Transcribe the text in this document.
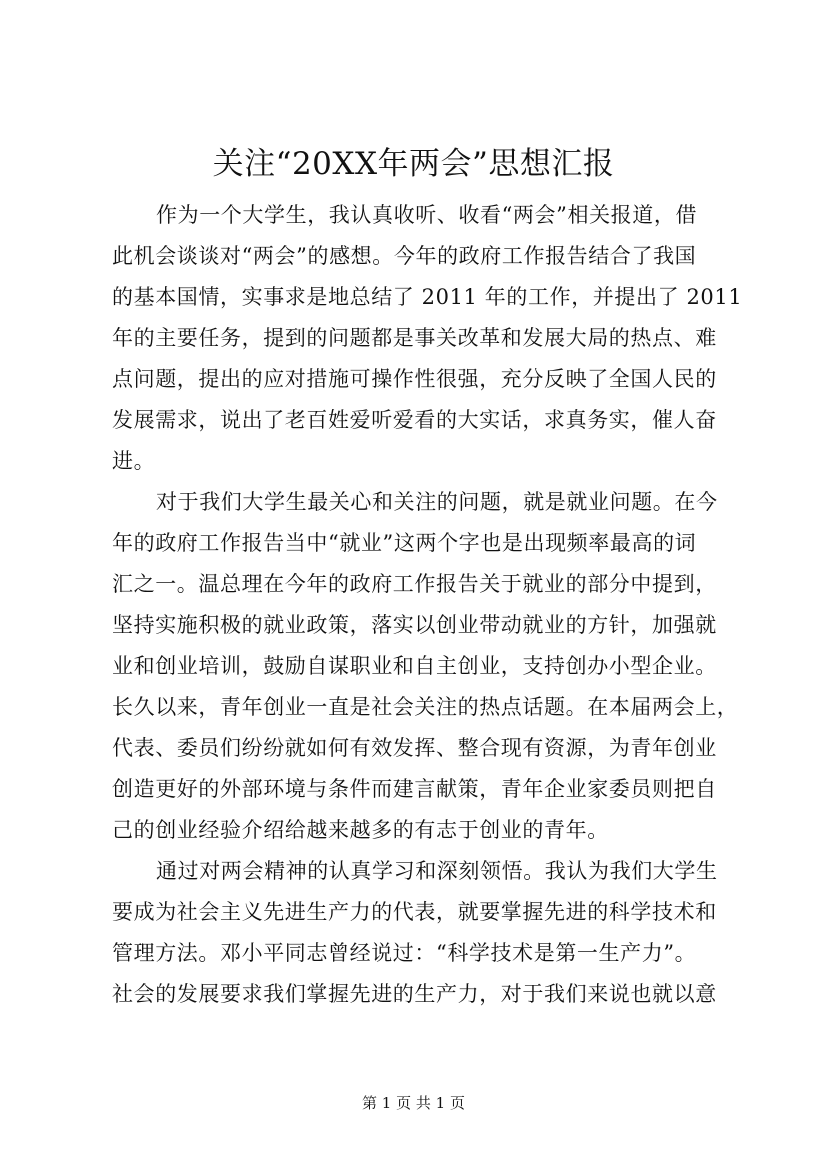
关注“20XX年两会”思想汇报
作为一个大学生，我认真收听、收看“两会”相关报道，借
此机会谈谈对“两会”的感想。今年的政府工作报告结合了我国
的基本国情，实事求是地总结了 2011 年的工作，并提出了 2011
年的主要任务，提到的问题都是事关改革和发展大局的热点、难
点问题，提出的应对措施可操作性很强，充分反映了全国人民的
发展需求，说出了老百姓爱听爱看的大实话，求真务实，催人奋
进。
对于我们大学生最关心和关注的问题，就是就业问题。在今
年的政府工作报告当中“就业”这两个字也是出现频率最高的词
汇之一。温总理在今年的政府工作报告关于就业的部分中提到，
坚持实施积极的就业政策，落实以创业带动就业的方针，加强就
业和创业培训，鼓励自谋职业和自主创业，支持创办小型企业。
长久以来，青年创业一直是社会关注的热点话题。在本届两会上，
代表、委员们纷纷就如何有效发挥、整合现有资源，为青年创业
创造更好的外部环境与条件而建言献策，青年企业家委员则把自
己的创业经验介绍给越来越多的有志于创业的青年。
通过对两会精神的认真学习和深刻领悟。我认为我们大学生
要成为社会主义先进生产力的代表，就要掌握先进的科学技术和
管理方法。邓小平同志曾经说过：“科学技术是第一生产力”。
社会的发展要求我们掌握先进的生产力，对于我们来说也就以意
第 1 页 共 1 页
